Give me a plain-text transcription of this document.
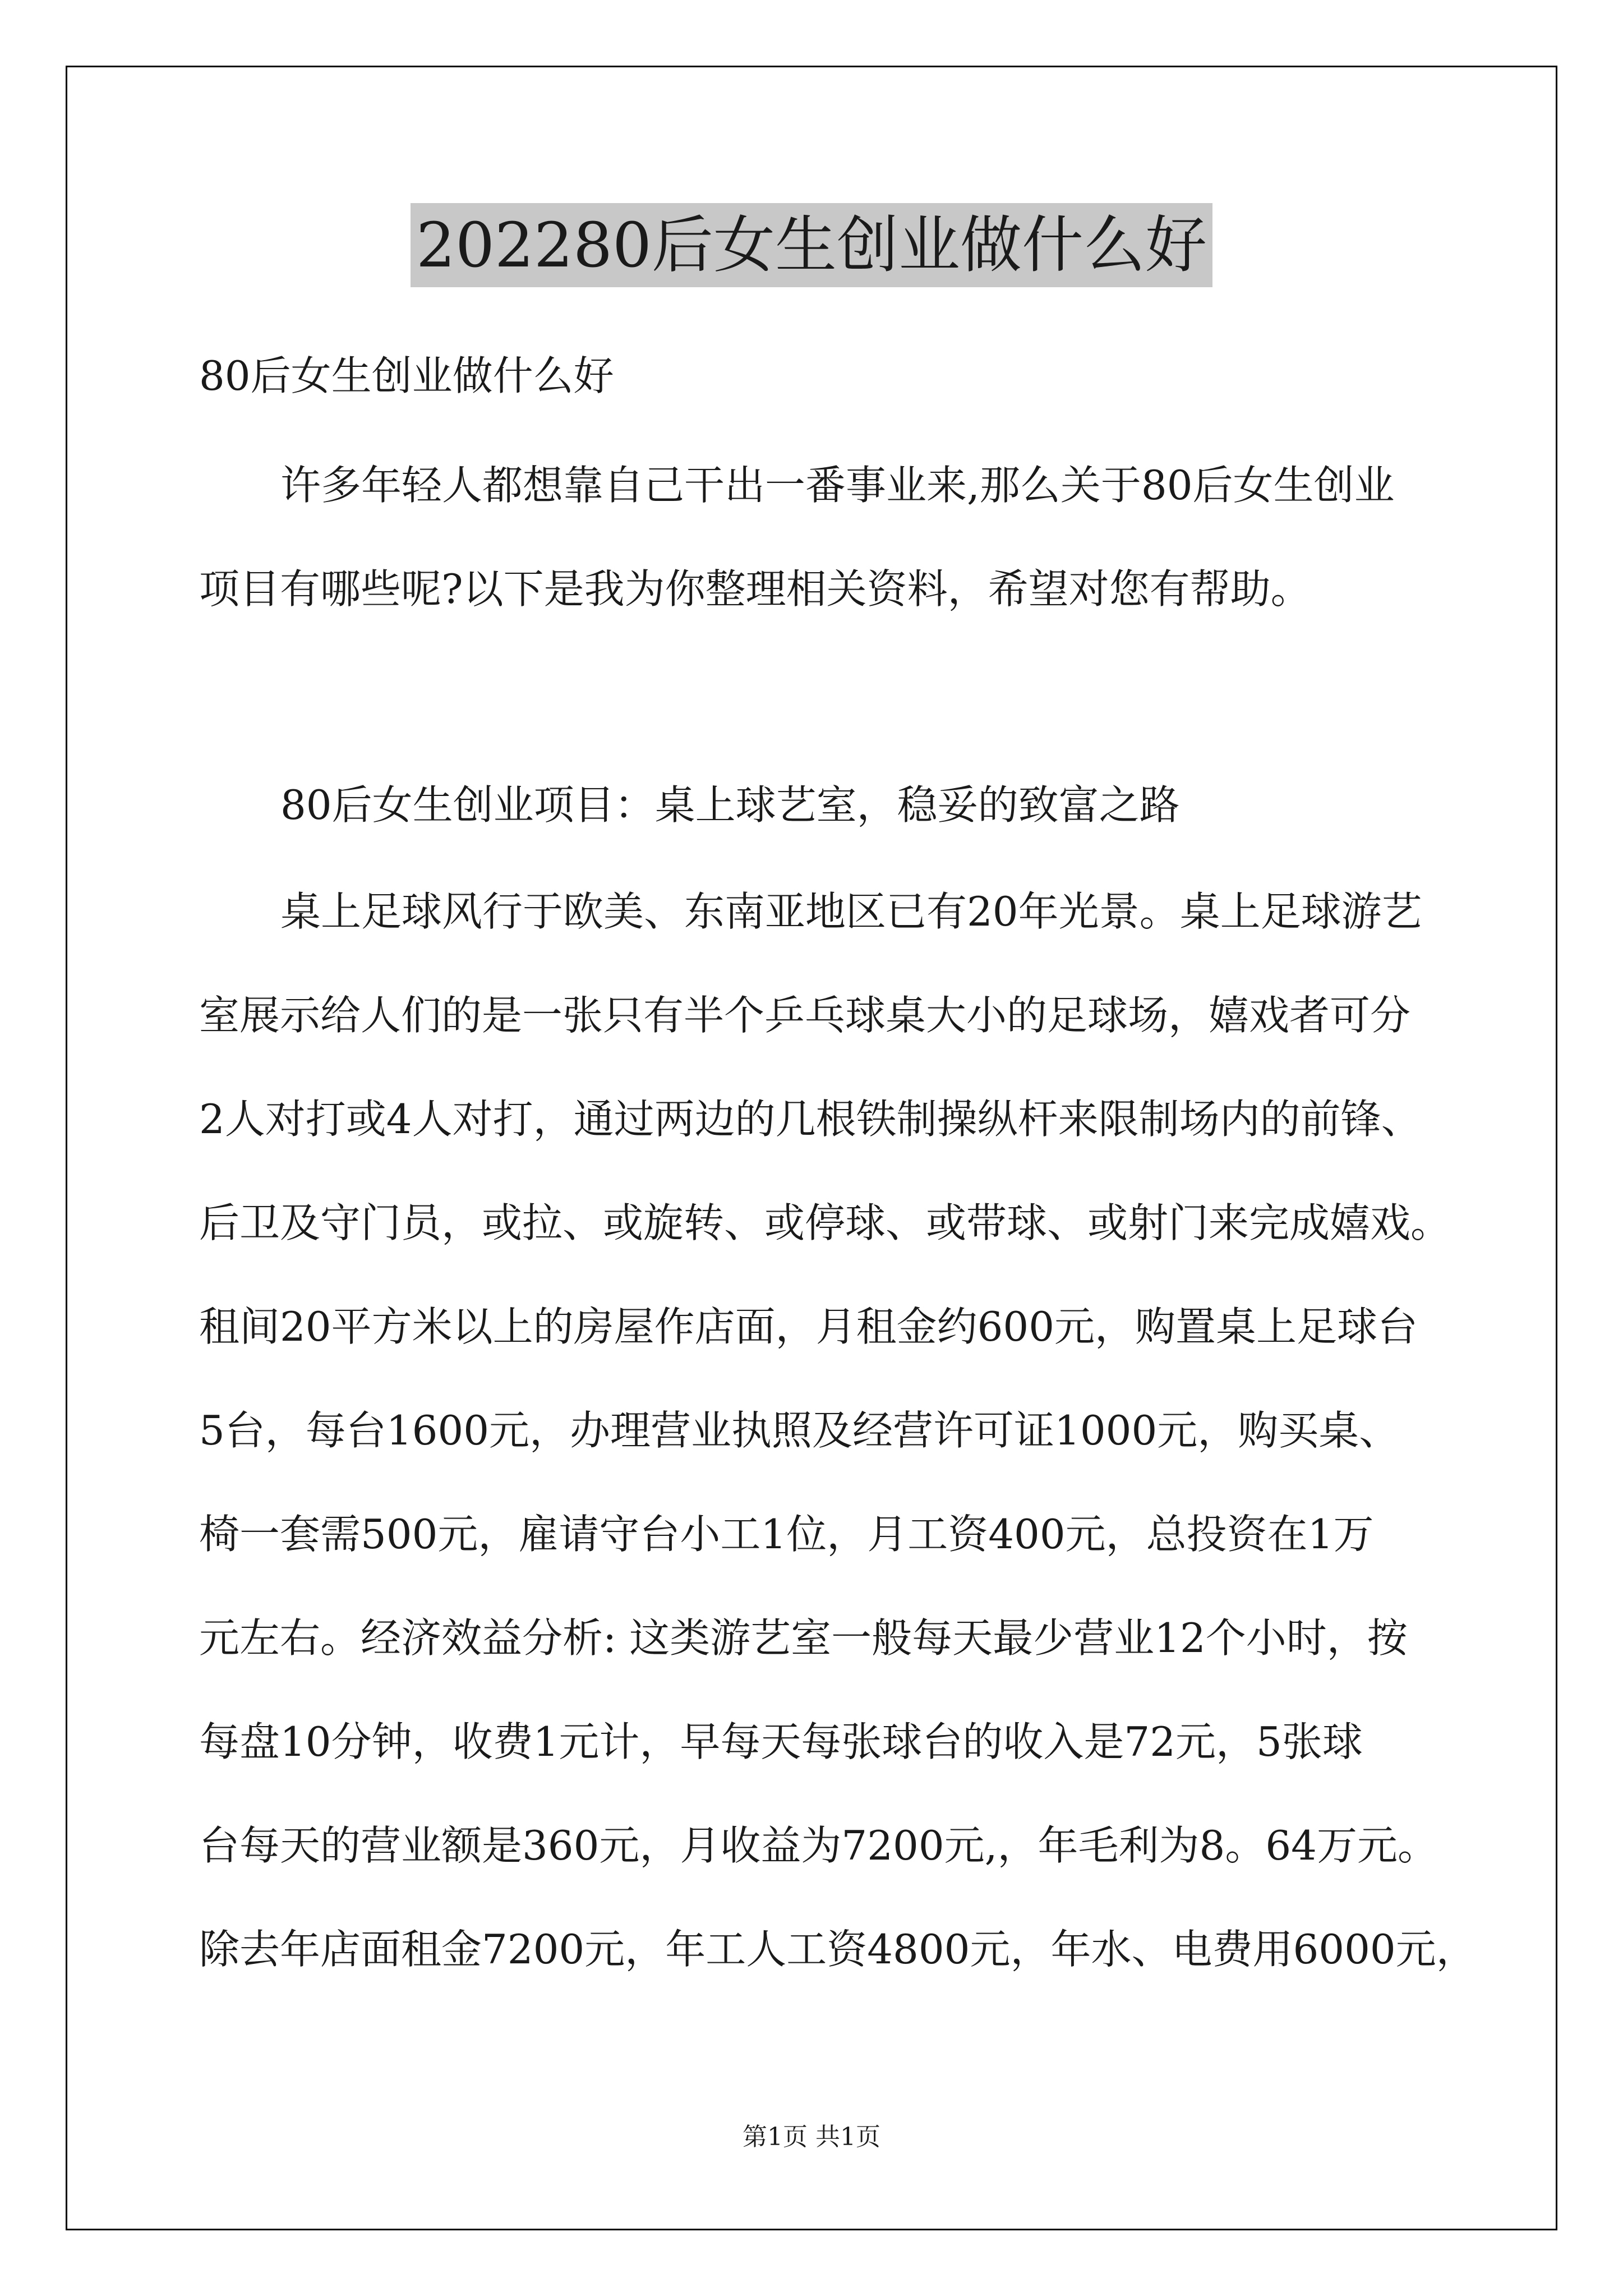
202280后女生创业做什么好
80后女生创业做什么好
许多年轻人都想靠自己干出一番事业来,那么关于80后女生创业
项目有哪些呢?以下是我为你整理相关资料，希望对您有帮助。
80后女生创业项目：桌上球艺室，稳妥的致富之路
桌上足球风行于欧美、东南亚地区已有20年光景。桌上足球游艺
室展示给人们的是一张只有半个乒乓球桌大小的足球场，嬉戏者可分
2人对打或4人对打，通过两边的几根铁制操纵杆来限制场内的前锋、
后卫及守门员，或拉、或旋转、或停球、或带球、或射门来完成嬉戏。
租间20平方米以上的房屋作店面，月租金约600元，购置桌上足球台
5台，每台1600元，办理营业执照及经营许可证1000元，购买桌、
椅一套需500元，雇请守台小工1位，月工资400元，总投资在1万
元左右。经济效益分析: 这类游艺室一般每天最少营业12个小时，按
每盘10分钟，收费1元计，早每天每张球台的收入是72元，5张球
台每天的营业额是360元，月收益为7200元,，年毛利为8。64万元。
除去年店面租金7200元，年工人工资4800元，年水、电费用6000元，
第1页 共1页
